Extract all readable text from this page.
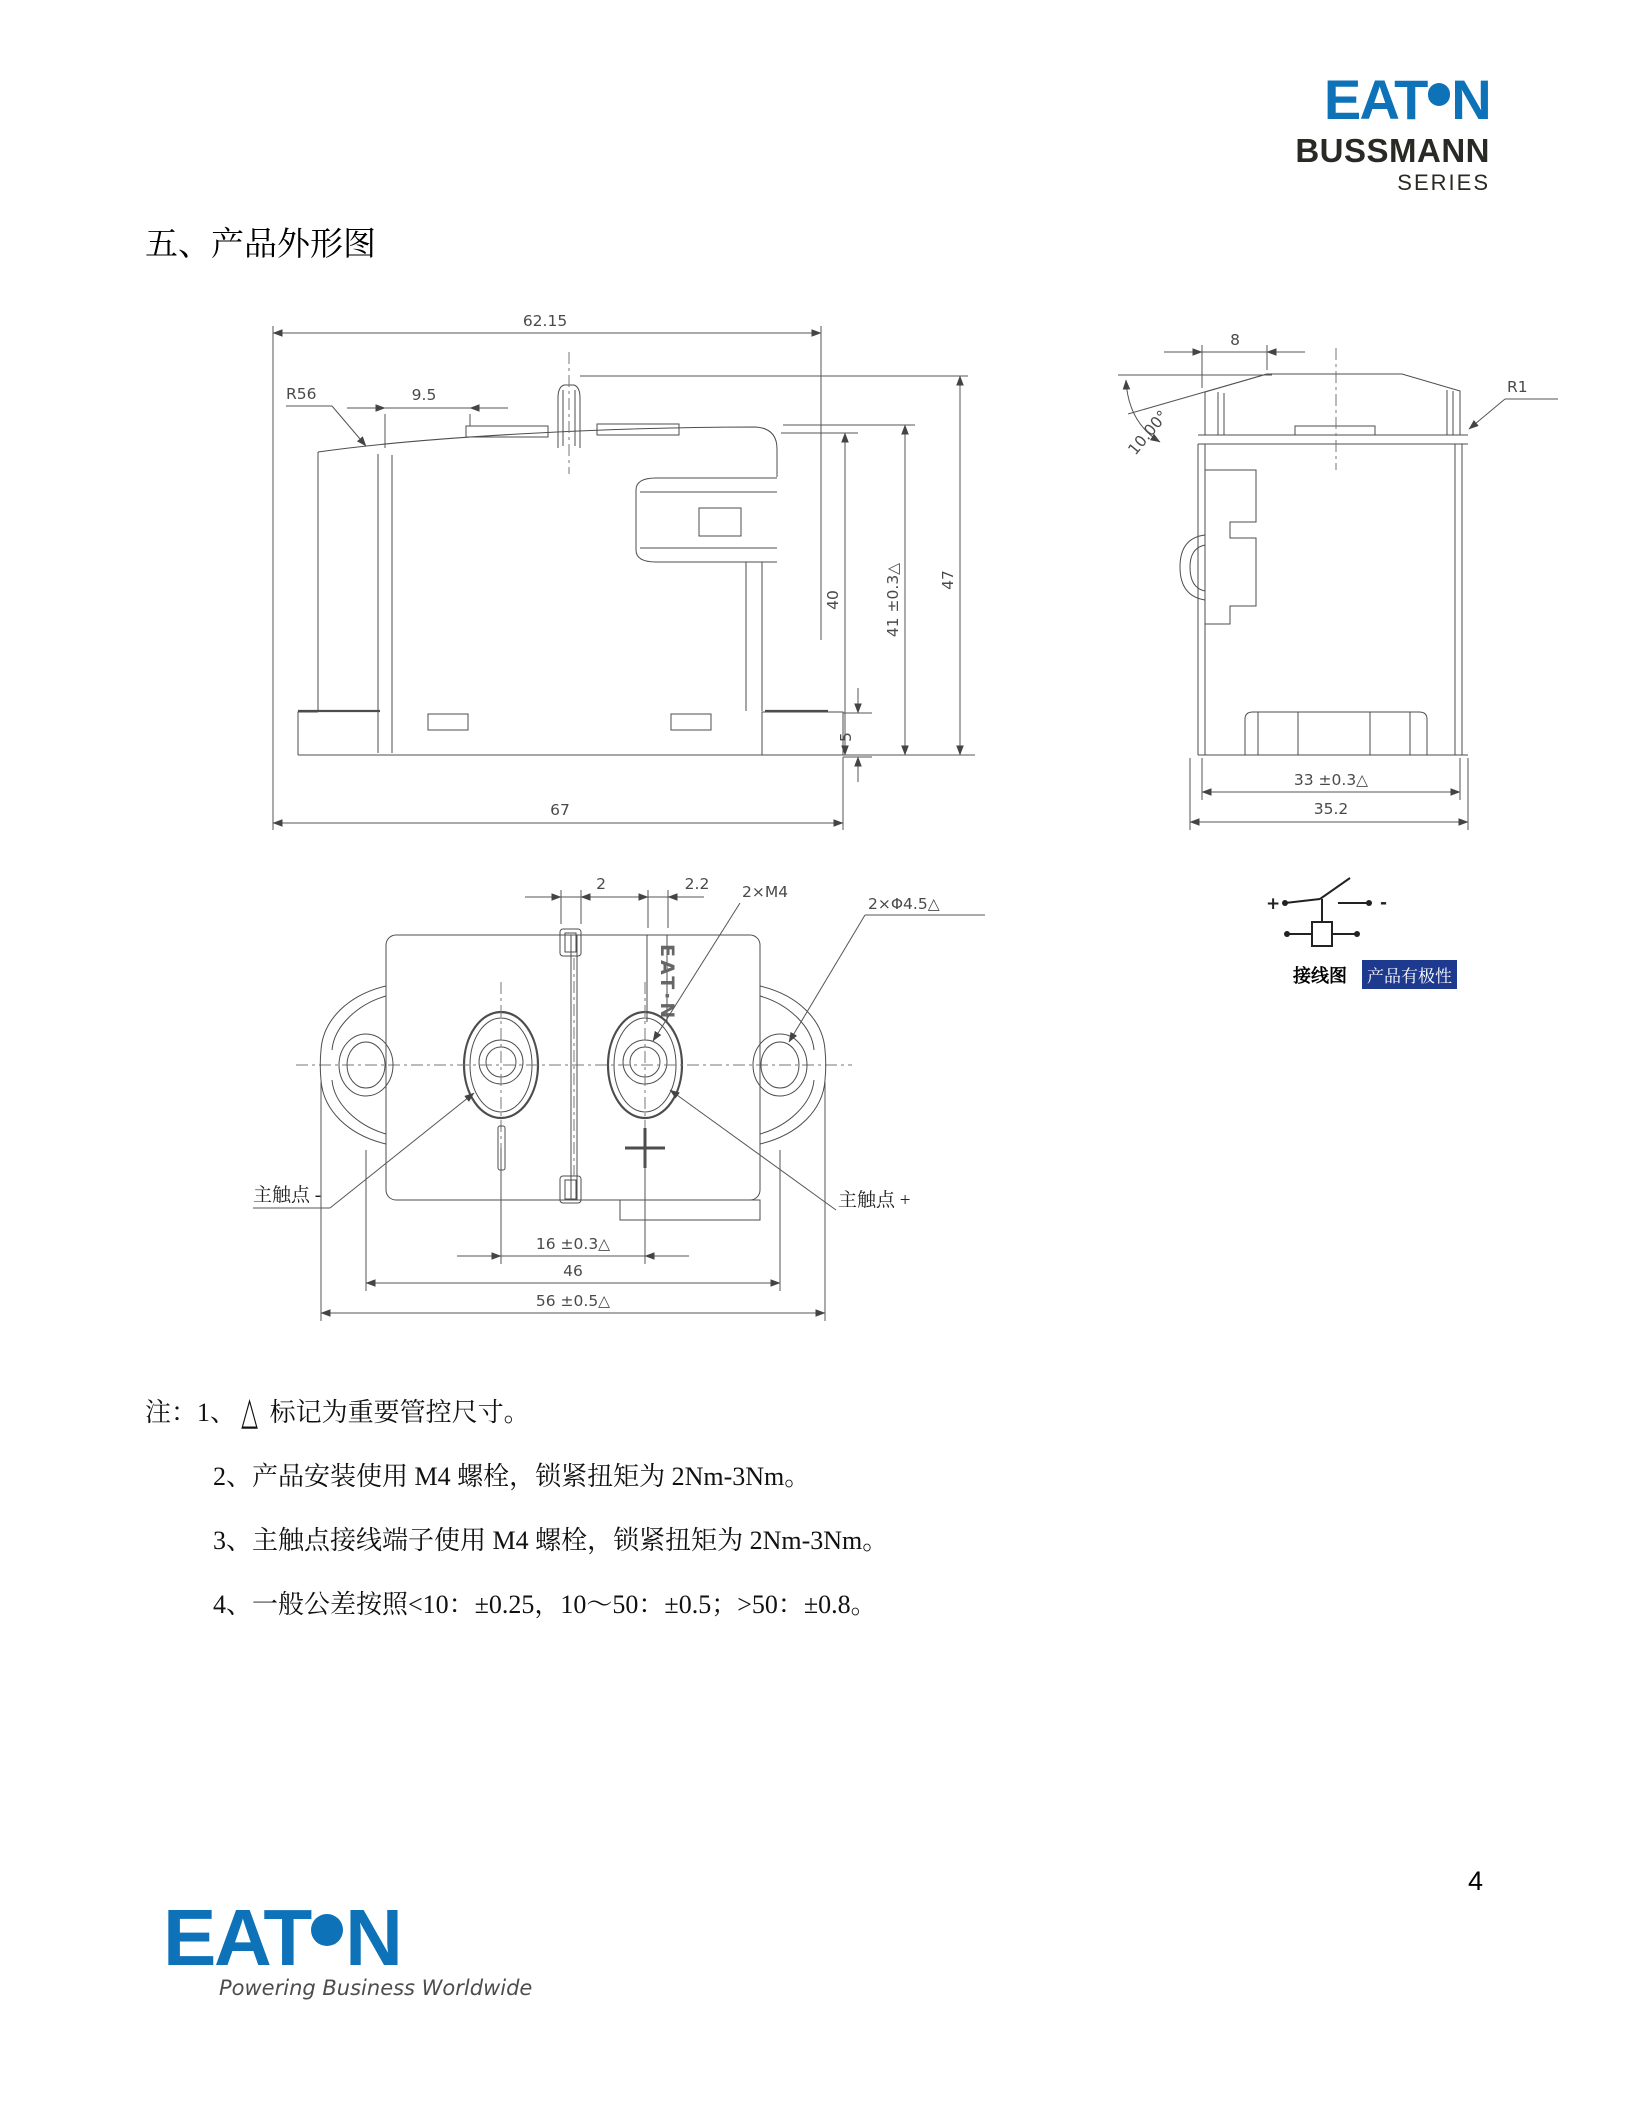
EAT N
BUSSMANN
SERIES
五、产品外形图
62.15
9.5
R56
40	41 ±0.3△ 47
5
67
8
10.00°
R1
33 ±0.3△
35.2
EAT·N
2	2.2 2×M4
2×Φ4.5△
主触点 -	主触点 +
16 ±0.3△
46
56 ±0.5△
+	-
接线图 产品有极性
注：1、 △ 标记为重要管控尺寸。
2、产品安装使用 M4 螺栓，锁紧扭矩为 2Nm-3Nm。
3、主触点接线端子使用 M4 螺栓，锁紧扭矩为 2Nm-3Nm。
4、一般公差按照<10：±0.25，10～50：±0.5；>50：±0.8。
EAT N
Powering Business Worldwide
4
